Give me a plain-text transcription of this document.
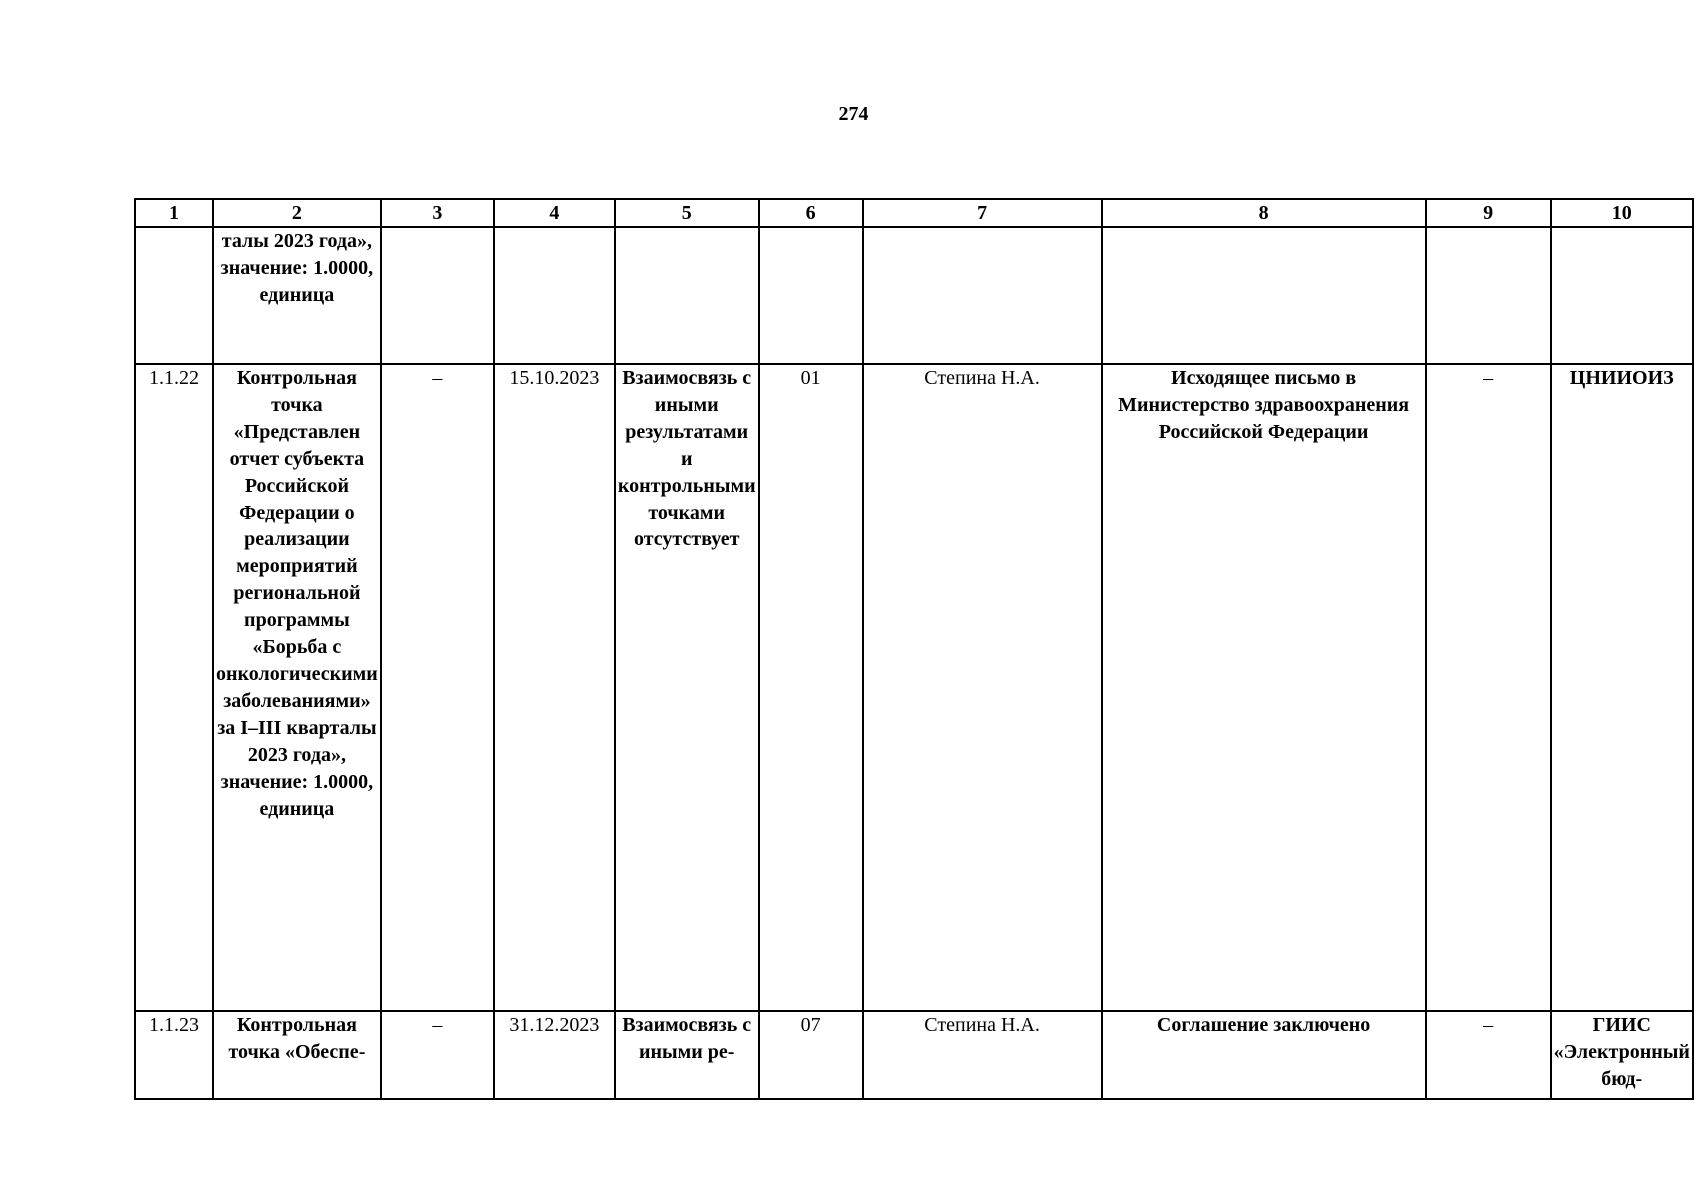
274
1	2	3	4	5	6	7	8	9	10
	талы 2023 года», значение: 1.0000, единица								
1.1.22	Контрольная точка «Представлен отчет субъекта Российской Федерации о реализации мероприятий региональной программы «Борьба с онкологическими заболеваниями» за I–III кварталы 2023 года», значение: 1.0000, единица	–	15.10.2023	Взаимосвязь с иными результатами и контрольными точками отсутствует	01	Степина Н.А.	Исходящее письмо в Министерство здравоохранения Российской Федерации	–	ЦНИИОИЗ
1.1.23	Контрольная точка «Обеспе-	–	31.12.2023	Взаимосвязь с иными ре-	07	Степина Н.А.	Соглашение заключено	–	ГИИС «Электронный бюд-
